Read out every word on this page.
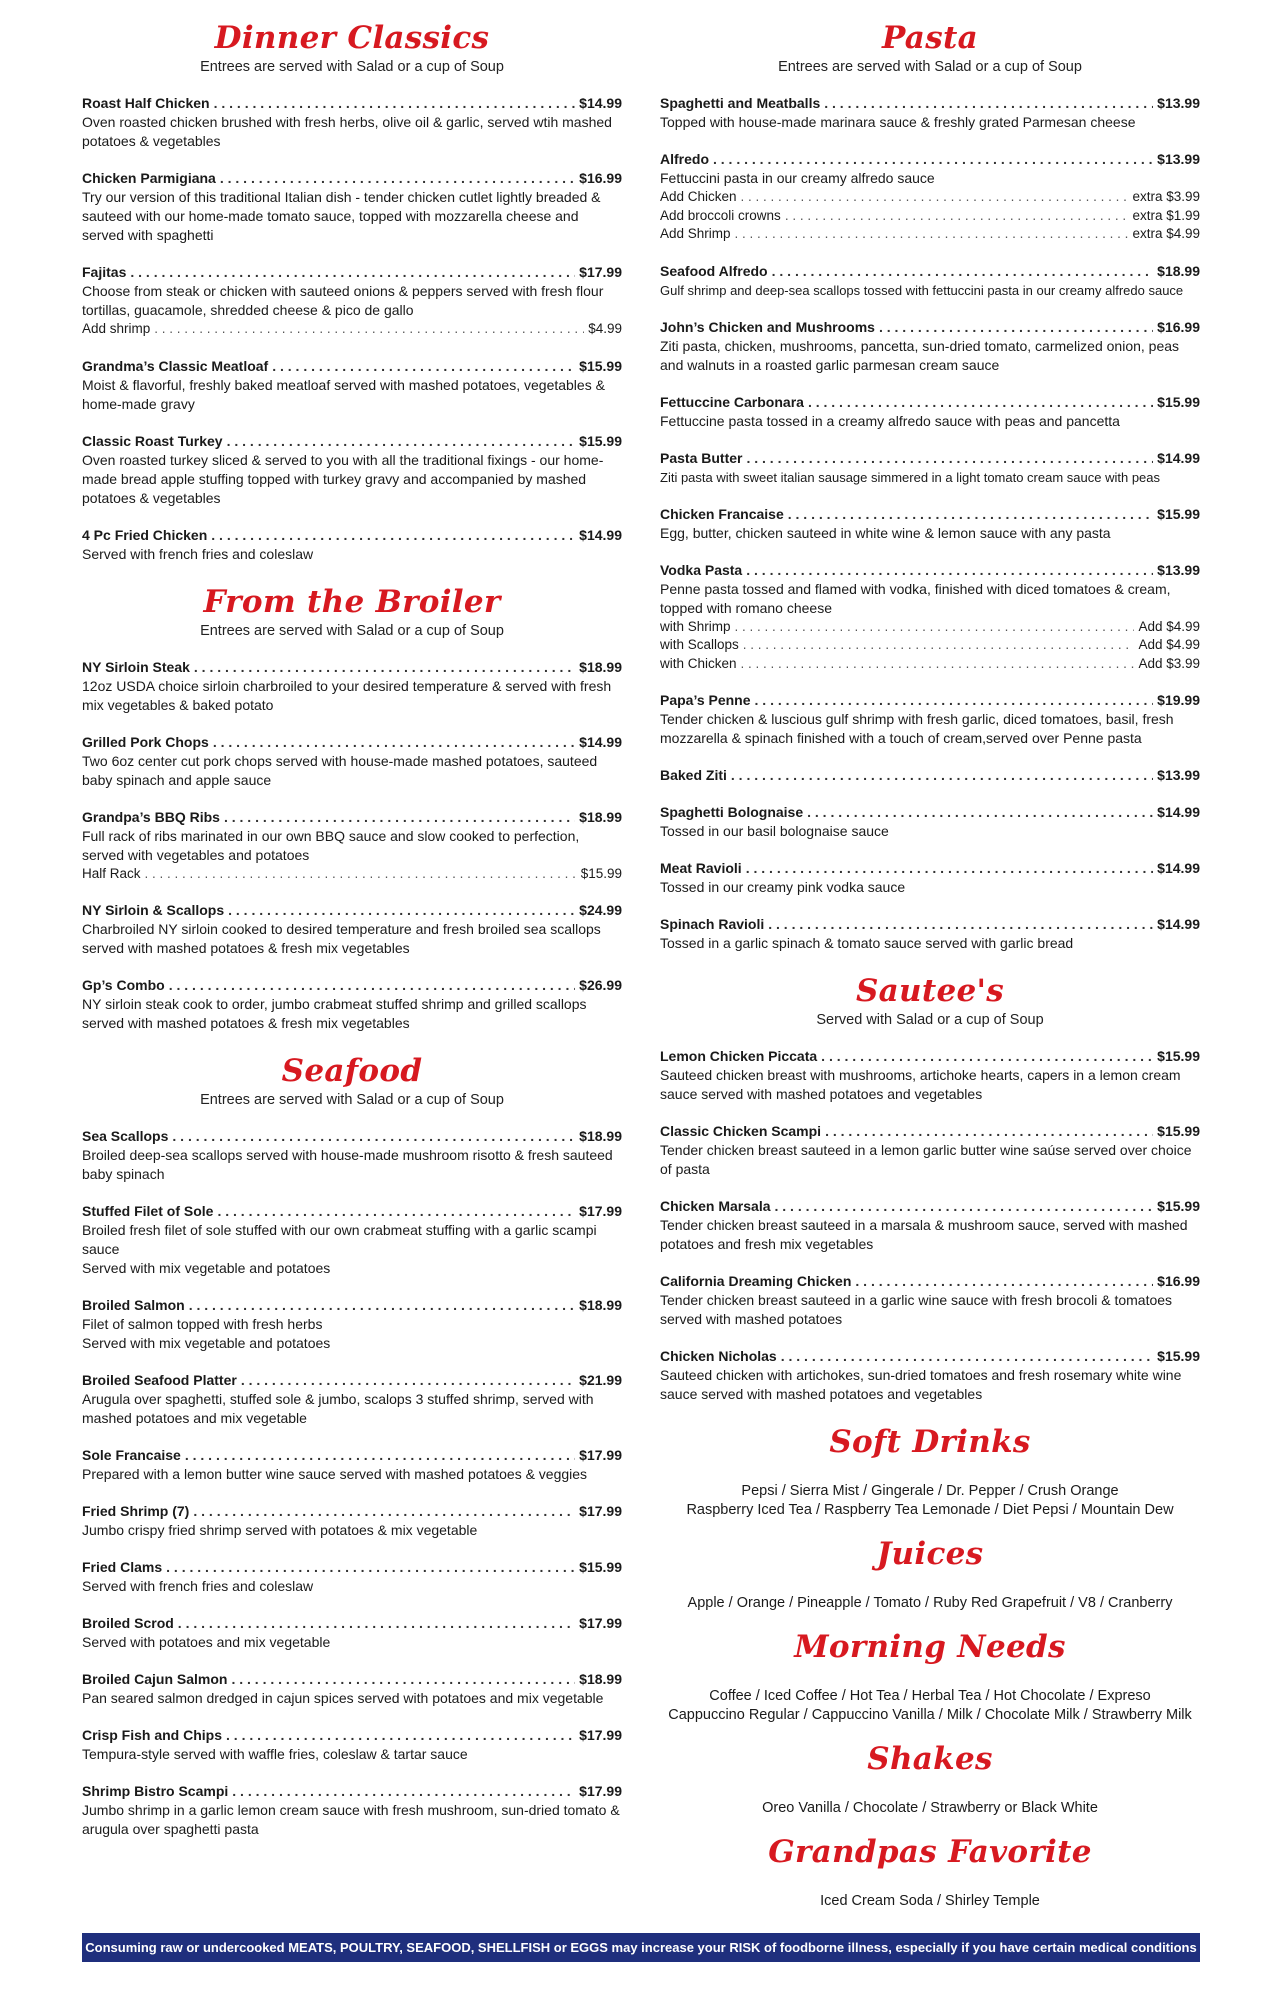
Dinner Classics
Entrees are served with Salad or a cup of Soup
Roast Half Chicken . . .	$14.99
Oven roasted chicken brushed with fresh herbs, olive oil & garlic, served wtih mashed potatoes & vegetables
Chicken Parmigiana . . .	$16.99
Try our version of this traditional Italian dish - tender chicken cutlet lightly breaded & sauteed with our home-made tomato sauce, topped with mozzarella cheese and served with spaghetti
Fajitas . . .	$17.99
Choose from steak or chicken with sauteed onions & peppers served with fresh flour tortillas, guacamole, shredded cheese & pico de gallo
Add shrimp . . .	$4.99
Grandma’s Classic Meatloaf . . .	$15.99
Moist & flavorful, freshly baked meatloaf served with mashed potatoes, vegetables & home-made gravy
Classic Roast Turkey . . .	$15.99
Oven roasted turkey sliced & served to you with all the traditional fixings - our home-made bread apple stuffing topped with turkey gravy and accompanied by mashed potatoes & vegetables
4 Pc Fried Chicken . . .	$14.99
Served with french fries and coleslaw
From the Broiler
Entrees are served with Salad or a cup of Soup
NY Sirloin Steak . . .	$18.99
12oz USDA choice sirloin charbroiled to your desired temperature & served with fresh mix vegetables & baked potato
Grilled Pork Chops . . .	$14.99
Two 6oz center cut pork chops served with house-made mashed potatoes, sauteed baby spinach and apple sauce
Grandpa’s BBQ Ribs . . .	$18.99
Full rack of ribs marinated in our own BBQ sauce and slow cooked to perfection, served with vegetables and potatoes
Half Rack . . .	$15.99
NY Sirloin & Scallops . . .	$24.99
Charbroiled NY sirloin cooked to desired temperature and fresh broiled sea scallops served with mashed potatoes & fresh mix vegetables
Gp’s Combo . . .	$26.99
NY sirloin steak cook to order, jumbo crabmeat stuffed shrimp and grilled scallops served with mashed potatoes & fresh mix vegetables
Seafood
Entrees are served with Salad or a cup of Soup
Sea Scallops . . .	$18.99
Broiled deep-sea scallops served with house-made mushroom risotto & fresh sauteed baby spinach
Stuffed Filet of Sole . . .	$17.99
Broiled fresh filet of sole stuffed with our own crabmeat stuffing with a garlic scampi sauce
Served with mix vegetable and potatoes
Broiled Salmon . . .	$18.99
Filet of salmon topped with fresh herbs
Served with mix vegetable and potatoes
Broiled Seafood Platter . . .	$21.99
Arugula over spaghetti, stuffed sole & jumbo, scalops 3 stuffed shrimp, served with mashed potatoes and mix vegetable
Sole Francaise . . .	$17.99
Prepared with a lemon butter wine sauce served with mashed potatoes & veggies
Fried Shrimp (7) . . .	$17.99
Jumbo crispy fried shrimp served with potatoes & mix vegetable
Fried Clams . . .	$15.99
Served with french fries and coleslaw
Broiled Scrod . . .	$17.99
Served with potatoes and mix vegetable
Broiled Cajun Salmon . . .	$18.99
Pan seared salmon dredged in cajun spices served with potatoes and mix vegetable
Crisp Fish and Chips . . .	$17.99
Tempura-style served with waffle fries, coleslaw & tartar sauce
Shrimp Bistro Scampi . . .	$17.99
Jumbo shrimp in a garlic lemon cream sauce with fresh mushroom, sun-dried tomato & arugula over spaghetti pasta
Pasta
Entrees are served with Salad or a cup of Soup
Spaghetti and Meatballs . . .	$13.99
Topped with house-made marinara sauce & freshly grated Parmesan cheese
Alfredo . . .	$13.99
Fettuccini pasta in our creamy alfredo sauce
Add Chicken . . .	extra $3.99
Add broccoli crowns . . .	extra $1.99
Add Shrimp . . .	extra $4.99
Seafood Alfredo . . .	$18.99
Gulf shrimp and deep-sea scallops tossed with fettuccini pasta in our creamy alfredo sauce
John’s Chicken and Mushrooms . . .	$16.99
Ziti pasta, chicken, mushrooms, pancetta, sun-dried tomato, carmelized onion, peas and walnuts in a roasted garlic parmesan cream sauce
Fettuccine Carbonara . . .	$15.99
Fettuccine pasta tossed in a creamy alfredo sauce with peas and pancetta
Pasta Butter . . .	$14.99
Ziti pasta with sweet italian sausage simmered in a light tomato cream sauce with peas
Chicken Francaise . . .	$15.99
Egg, butter, chicken sauteed in white wine & lemon sauce with any pasta
Vodka Pasta . . .	$13.99
Penne pasta tossed and flamed with vodka, finished with diced tomatoes & cream, topped with romano cheese
with Shrimp . . .	Add $4.99
with Scallops . . .	Add $4.99
with Chicken . . .	Add $3.99
Papa’s Penne . . .	$19.99
Tender chicken & luscious gulf shrimp with fresh garlic, diced tomatoes, basil, fresh mozzarella & spinach finished with a touch of cream,served over Penne pasta
Baked Ziti . . .	$13.99
Spaghetti Bolognaise . . .	$14.99
Tossed in our basil bolognaise sauce
Meat Ravioli . . .	$14.99
Tossed in our creamy pink vodka sauce
Spinach Ravioli . . .	$14.99
Tossed in a garlic spinach & tomato sauce served with garlic bread
Sautee's
Served with Salad or a cup of Soup
Lemon Chicken Piccata . . .	$15.99
Sauteed chicken breast with mushrooms, artichoke hearts, capers in a lemon cream sauce served with mashed potatoes and vegetables
Classic Chicken Scampi . . .	$15.99
Tender chicken breast sauteed in a lemon garlic butter wine saúse served over choice of pasta
Chicken Marsala . . .	$15.99
Tender chicken breast sauteed in a marsala & mushroom sauce, served with mashed potatoes and fresh mix vegetables
California Dreaming Chicken . . .	$16.99
Tender chicken breast sauteed in a garlic wine sauce with fresh brocoli & tomatoes served with mashed potatoes
Chicken Nicholas . . .	$15.99
Sauteed chicken with artichokes, sun-dried tomatoes and fresh rosemary white wine sauce served with mashed potatoes and vegetables
Soft Drinks
Pepsi / Sierra Mist / Gingerale / Dr. Pepper / Crush Orange
Raspberry Iced Tea / Raspberry Tea Lemonade / Diet Pepsi / Mountain Dew
Juices
Apple / Orange / Pineapple / Tomato / Ruby Red Grapefruit / V8 / Cranberry
Morning Needs
Coffee / Iced Coffee / Hot Tea / Herbal Tea / Hot Chocolate / Expreso
Cappuccino Regular / Cappuccino Vanilla / Milk / Chocolate Milk / Strawberry Milk
Shakes
Oreo Vanilla / Chocolate / Strawberry or Black White
Grandpas Favorite
Iced Cream Soda / Shirley Temple
Consuming raw or undercooked MEATS, POULTRY, SEAFOOD, SHELLFISH or EGGS may increase your RISK of foodborne illness, especially if you have certain medical conditions
